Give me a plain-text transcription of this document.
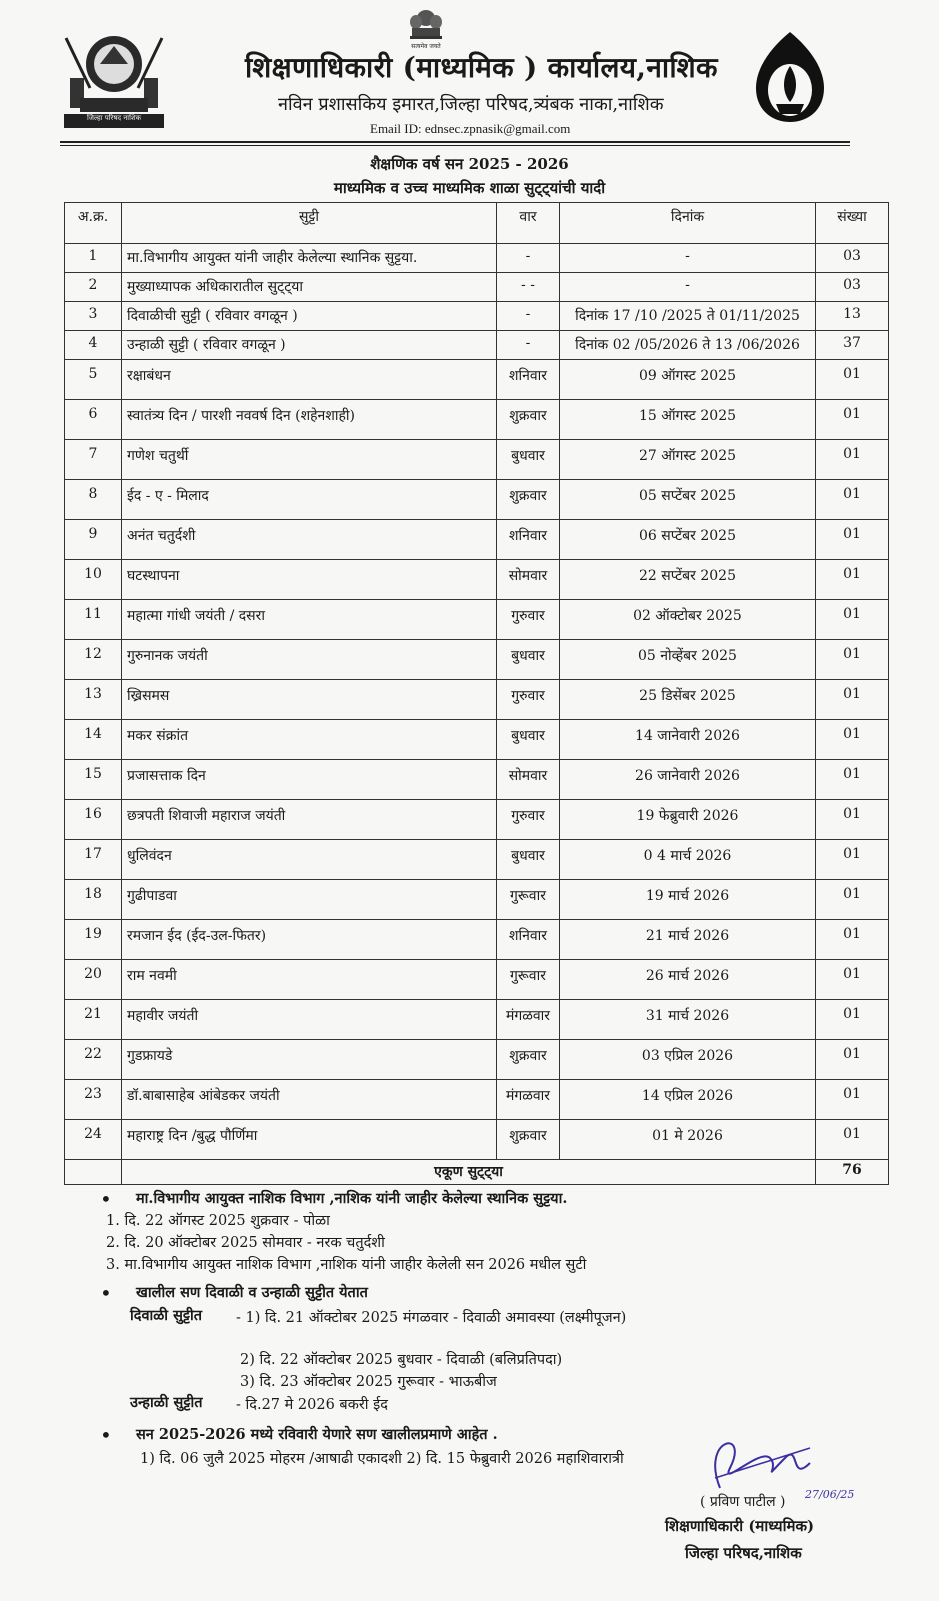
जिल्हा परिषद नाशिक
सत्यमेव जयते
शिक्षणाधिकारी (माध्यमिक ) कार्यालय,नाशिक
नविन प्रशासकिय इमारत,जिल्हा परिषद,त्र्यंबक नाका,नाशिक
Email ID: ednsec.zpnasik@gmail.com
शैक्षणिक वर्ष सन 2025 - 2026
माध्यमिक व उच्च माध्यमिक शाळा सुट्ट्यांची यादी
अ.क्र.	सुट्टी	वार	दिनांक	संख्या
1	मा.विभागीय आयुक्त यांनी जाहीर केलेल्या स्थानिक सुट्टया.	-	-	03
2	मुख्याध्यापक अधिकारातील सुट्ट्या	- -	-	03
3	दिवाळीची सुट्टी ( रविवार वगळून )	-	दिनांक 17 /10 /2025 ते 01/11/2025	13
4	उन्हाळी सुट्टी ( रविवार वगळून )	-	दिनांक 02 /05/2026 ते 13 /06/2026	37
5	रक्षाबंधन	शनिवार	09 ऑगस्ट 2025	01
6	स्वातंत्र्य दिन / पारशी नववर्ष दिन (शहेनशाही)	शुक्रवार	15 ऑगस्ट 2025	01
7	गणेश चतुर्थी	बुधवार	27 ऑगस्ट 2025	01
8	ईद - ए - मिलाद	शुक्रवार	05 सप्टेंबर 2025	01
9	अनंत चतुर्दशी	शनिवार	06 सप्टेंबर 2025	01
10	घटस्थापना	सोमवार	22 सप्टेंबर 2025	01
11	महात्मा गांधी जयंती / दसरा	गुरुवार	02 ऑक्टोबर 2025	01
12	गुरुनानक जयंती	बुधवार	05 नोव्हेंबर 2025	01
13	ख्रिसमस	गुरुवार	25 डिसेंबर 2025	01
14	मकर संक्रांत	बुधवार	14 जानेवारी 2026	01
15	प्रजासत्ताक दिन	सोमवार	26 जानेवारी 2026	01
16	छत्रपती शिवाजी महाराज जयंती	गुरुवार	19 फेब्रुवारी 2026	01
17	धुलिवंदन	बुधवार	0 4 मार्च 2026	01
18	गुढीपाडवा	गुरूवार	19 मार्च 2026	01
19	रमजान ईद (ईद-उल-फितर)	शनिवार	21 मार्च 2026	01
20	राम नवमी	गुरूवार	26 मार्च 2026	01
21	महावीर जयंती	मंगळवार	31 मार्च 2026	01
22	गुडफ्रायडे	शुक्रवार	03 एप्रिल 2026	01
23	डॉ.बाबासाहेब आंबेडकर जयंती	मंगळवार	14 एप्रिल 2026	01
24	महाराष्ट्र दिन /बुद्ध पौर्णिमा	शुक्रवार	01 मे 2026	01
	एकूण सुट्ट्या			76
• मा.विभागीय आयुक्त नाशिक विभाग ,नाशिक यांनी जाहीर केलेल्या स्थानिक सुट्टया.
1. दि. 22 ऑगस्ट 2025 शुक्रवार - पोळा
2. दि. 20 ऑक्टोबर 2025 सोमवार - नरक चतुर्दशी
3. मा.विभागीय आयुक्त नाशिक विभाग ,नाशिक यांनी जाहीर केलेली सन 2026 मधील सुटी
• खालील सण दिवाळी व उन्हाळी सुट्टीत येतात
दिवाळी सुट्टीत - 1) दि. 21 ऑक्टोबर 2025 मंगळवार - दिवाळी अमावस्या (लक्ष्मीपूजन)
2) दि. 22 ऑक्टोबर 2025 बुधवार - दिवाळी (बलिप्रतिपदा)
3) दि. 23 ऑक्टोबर 2025 गुरूवार - भाऊबीज
उन्हाळी सुट्टीत - दि.27 मे 2026 बकरी ईद
• सन 2025-2026 मध्ये रविवारी येणारे सण खालीलप्रमाणे आहेत .
1) दि. 06 जुलै 2025 मोहरम /आषाढी एकादशी 2) दि. 15 फेब्रुवारी 2026 महाशिवारात्री
27/06/25
( प्रविण पाटील )
शिक्षणाधिकारी (माध्यमिक)
जिल्हा परिषद,नाशिक
